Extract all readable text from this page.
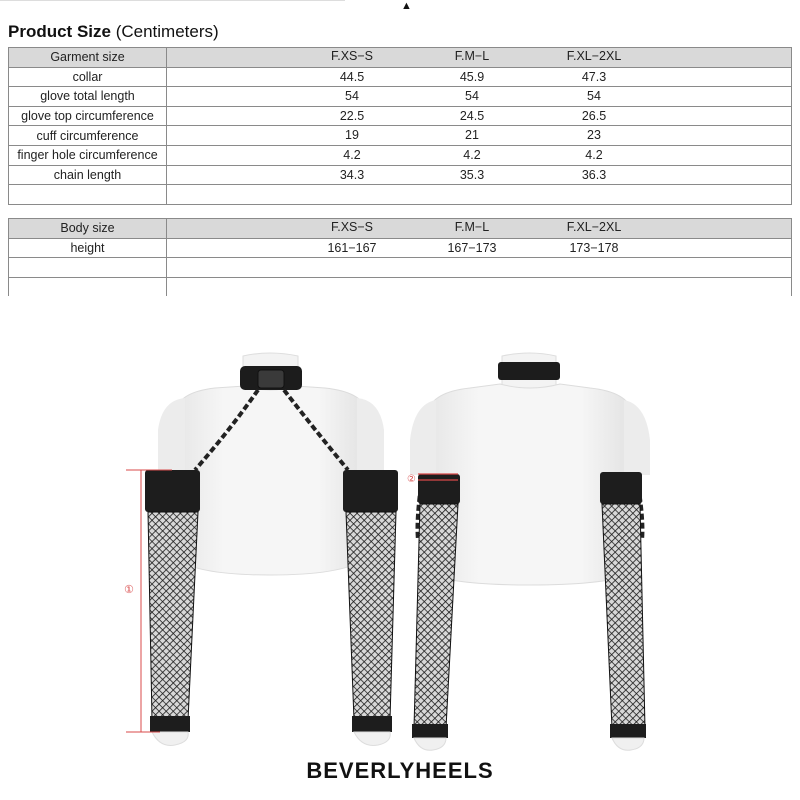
▲
Product Size (Centimeters)
Garment size	F.XS−S F.M−L F.XL−2XL

collar	44.5 45.9 47.3

glove total length	54 54 54

glove top circumference	22.5 24.5 26.5

cuff circumference	19 21 23

finger hole circumference	4.2 4.2 4.2

chain length	34.3 35.3 36.3

Body size	F.XS−S F.M−L F.XL−2XL

height	161−167 167−173 173−178

①
②
BEVERLYHEELS
